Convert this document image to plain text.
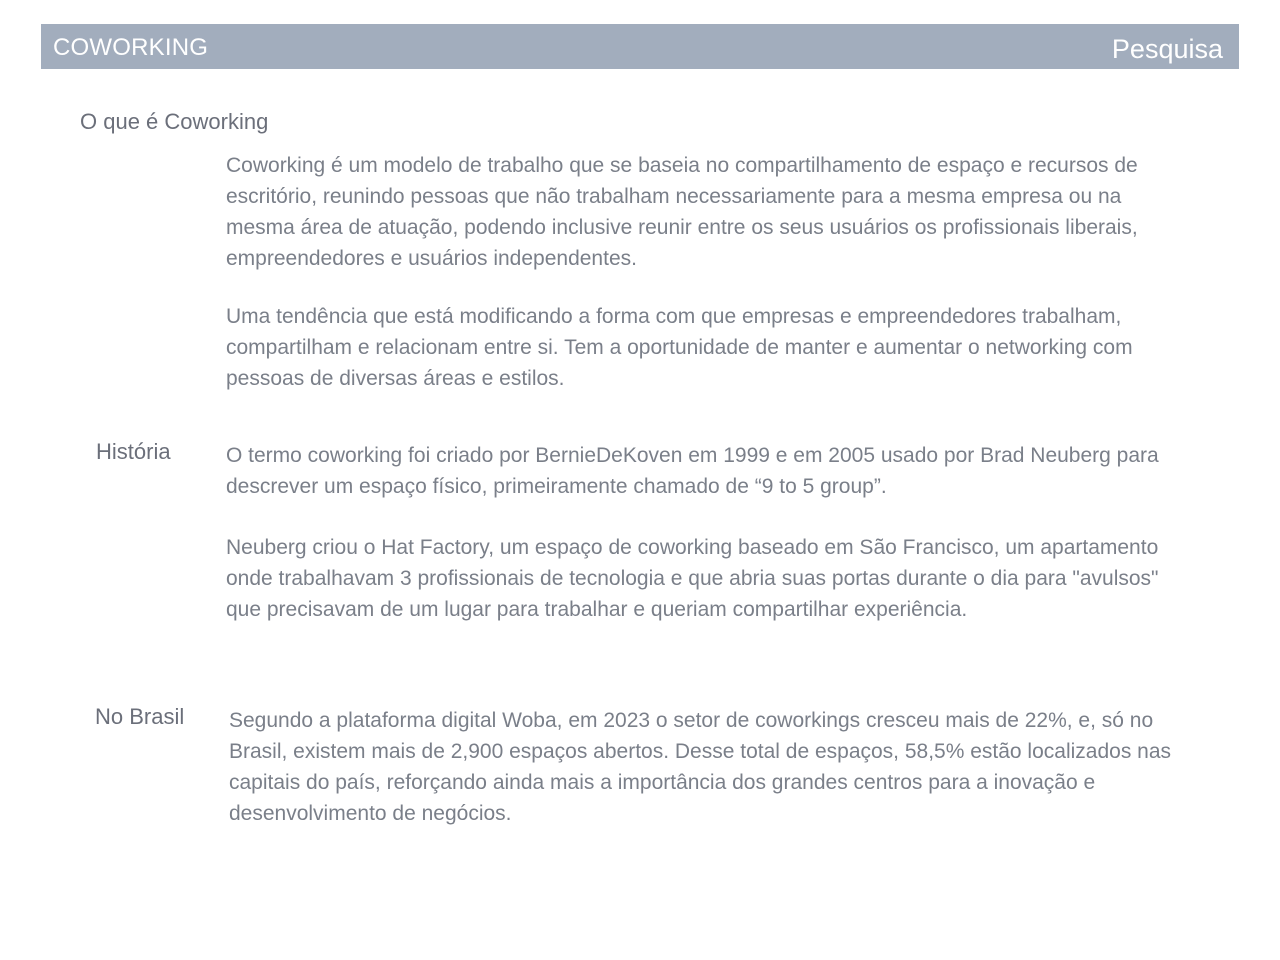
COWORKING	Pesquisa
O que é Coworking

Coworking é um modelo de trabalho que se baseia no compartilhamento de espaço e recursos de escritório, reunindo pessoas que não trabalham necessariamente para a mesma empresa ou na mesma área de atuação, podendo inclusive reunir entre os seus usuários os profissionais liberais, empreendedores e usuários independentes.

Uma tendência que está modificando a forma com que empresas e empreendedores trabalham, compartilham e relacionam entre si. Tem a oportunidade de manter e aumentar o networking com pessoas de diversas áreas e estilos.

História	O termo coworking foi criado por BernieDeKoven em 1999 e em 2005 usado por Brad Neuberg para descrever um espaço físico, primeiramente chamado de “9 to 5 group”.

Neuberg criou o Hat Factory, um espaço de coworking baseado em São Francisco, um apartamento onde trabalhavam 3 profissionais de tecnologia e que abria suas portas durante o dia para "avulsos" que precisavam de um lugar para trabalhar e queriam compartilhar experiência.

No Brasil Segundo a plataforma digital Woba, em 2023 o setor de coworkings cresceu mais de 22%, e, só no Brasil, existem mais de 2,900 espaços abertos. Desse total de espaços, 58,5% estão localizados nas capitais do país, reforçando ainda mais a importância dos grandes centros para a inovação e desenvolvimento de negócios.
